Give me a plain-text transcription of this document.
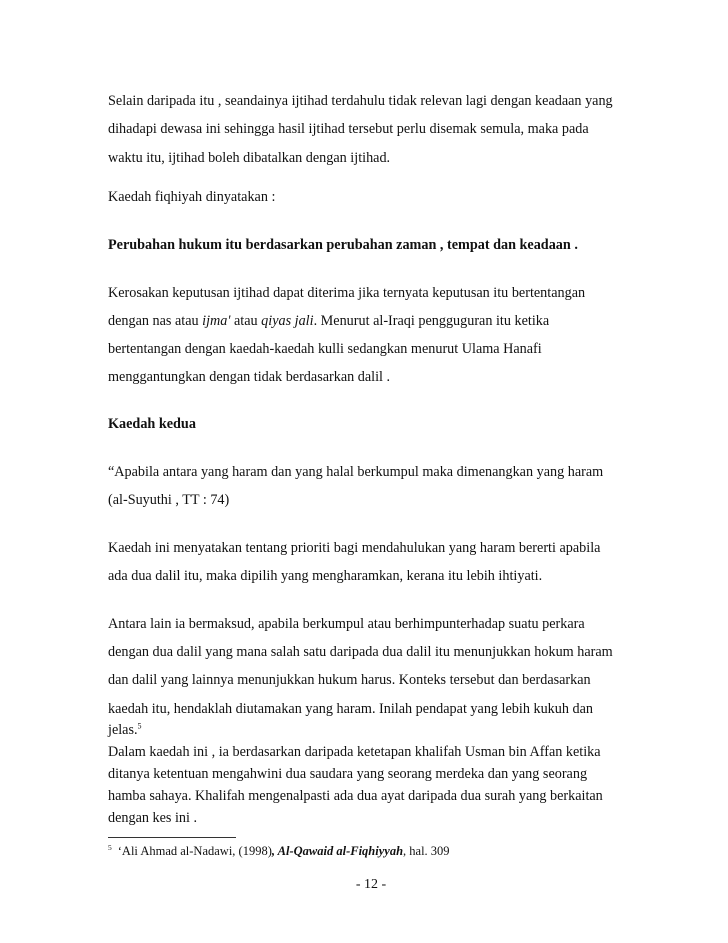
Selain daripada itu , seandainya ijtihad terdahulu tidak relevan lagi dengan keadaan yang
dihadapi dewasa ini sehingga hasil ijtihad tersebut perlu disemak semula, maka pada
waktu itu, ijtihad boleh dibatalkan dengan ijtihad.
Kaedah fiqhiyah dinyatakan :
Perubahan hukum itu berdasarkan perubahan zaman , tempat dan keadaan .
Kerosakan keputusan ijtihad dapat diterima jika ternyata keputusan itu bertentangan
dengan nas atau ijma' atau qiyas jali. Menurut al-Iraqi pengguguran itu ketika
bertentangan dengan kaedah-kaedah kulli sedangkan menurut Ulama Hanafi
menggantungkan dengan tidak berdasarkan dalil .
Kaedah kedua
“Apabila antara yang haram dan yang halal berkumpul maka dimenangkan yang haram
(al-Suyuthi , TT : 74)
Kaedah ini menyatakan tentang prioriti bagi mendahulukan yang haram bererti apabila
ada dua dalil itu, maka dipilih yang mengharamkan, kerana itu lebih ihtiyati.
Antara lain ia bermaksud, apabila berkumpul atau berhimpunterhadap suatu perkara
dengan dua dalil yang mana salah satu daripada dua dalil itu menunjukkan hokum haram
dan dalil yang lainnya menunjukkan hukum harus. Konteks tersebut dan berdasarkan
kaedah itu, hendaklah diutamakan yang haram. Inilah pendapat yang lebih kukuh dan
jelas.$^5$
Dalam kaedah ini , ia berdasarkan daripada ketetapan khalifah Usman bin Affan ketika
ditanya ketentuan mengahwini dua saudara yang seorang merdeka dan yang seorang
hamba sahaya. Khalifah mengenalpasti ada dua ayat daripada dua surah yang berkaitan
$^5$ ‘Ali Ahmad al-Nadawi, (1998), Al-Qawaid al-Fiqhiyyah, hal. 309
- 12 -
dengan kes ini .
